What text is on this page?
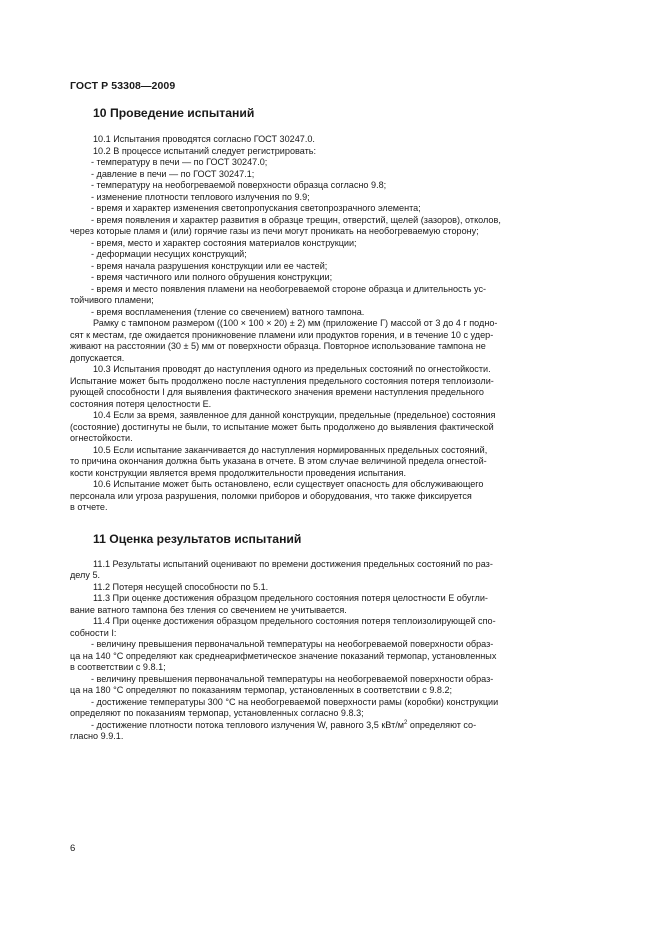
ГОСТ Р 53308—2009
10 Проведение испытаний

10.1 Испытания проводятся согласно ГОСТ 30247.0.

10.2 В процессе испытаний следует регистрировать:

- температуру в печи — по ГОСТ 30247.0;

- давление в печи — по ГОСТ 30247.1;

- температуру на необогреваемой поверхности образца согласно 9.8;

- изменение плотности теплового излучения по 9.9;

- время и характер изменения светопропускания светопрозрачного элемента;

- время появления и характер развития в образце трещин, отверстий, щелей (зазоров), отколов,

через которые пламя и (или) горячие газы из печи могут проникать на необогреваемую сторону;

- время, место и характер состояния материалов конструкции;

- деформации несущих конструкций;

- время начала разрушения конструкции или ее частей;

- время частичного или полного обрушения конструкции;

- время и место появления пламени на необогреваемой стороне образца и длительность ус-

тойчивого пламени;

- время воспламенения (тление со свечением) ватного тампона.

Рамку с тампоном размером ((100 × 100 × 20) ± 2) мм (приложение Г) массой от 3 до 4 г подно-

сят к местам, где ожидается проникновение пламени или продуктов горения, и в течение 10 с удер-

живают на расстоянии (30 ± 5) мм от поверхности образца. Повторное использование тампона не

допускается.

10.3 Испытания проводят до наступления одного из предельных состояний по огнестойкости.

Испытание может быть продолжено после наступления предельного состояния потеря теплоизоли-

рующей способности I для выявления фактического значения времени наступления предельного

состояния потеря целостности Е.

10.4 Если за время, заявленное для данной конструкции, предельные (предельное) состояния

(состояние) достигнуты не были, то испытание может быть продолжено до выявления фактической

огнестойкости.

10.5 Если испытание заканчивается до наступления нормированных предельных состояний,

то причина окончания должна быть указана в отчете. В этом случае величиной предела огнестой-

кости конструкции является время продолжительности проведения испытания.

10.6 Испытание может быть остановлено, если существует опасность для обслуживающего

персонала или угроза разрушения, поломки приборов и оборудования, что также фиксируется

в отчете.

11 Оценка результатов испытаний

11.1 Результаты испытаний оценивают по времени достижения предельных состояний по раз-

делу 5.

11.2 Потеря несущей способности по 5.1.

11.3 При оценке достижения образцом предельного состояния потеря целостности Е обугли-

вание ватного тампона без тления со свечением не учитывается.

11.4 При оценке достижения образцом предельного состояния потеря теплоизолирующей спо-

собности I:

- величину превышения первоначальной температуры на необогреваемой поверхности образ-

ца на 140 °С определяют как среднеарифметическое значение показаний термопар, установленных

в соответствии с 9.8.1;

- величину превышения первоначальной температуры на необогреваемой поверхности образ-

ца на 180 °С определяют по показаниям термопар, установленных в соответствии с 9.8.2;

- достижение температуры 300 °С на необогреваемой поверхности рамы (коробки) конструкции

определяют по показаниям термопар, установленных согласно 9.8.3;

- достижение плотности потока теплового излучения W, равного 3,5 кВт/$м^2$ определяют со-

гласно 9.9.1.

6
